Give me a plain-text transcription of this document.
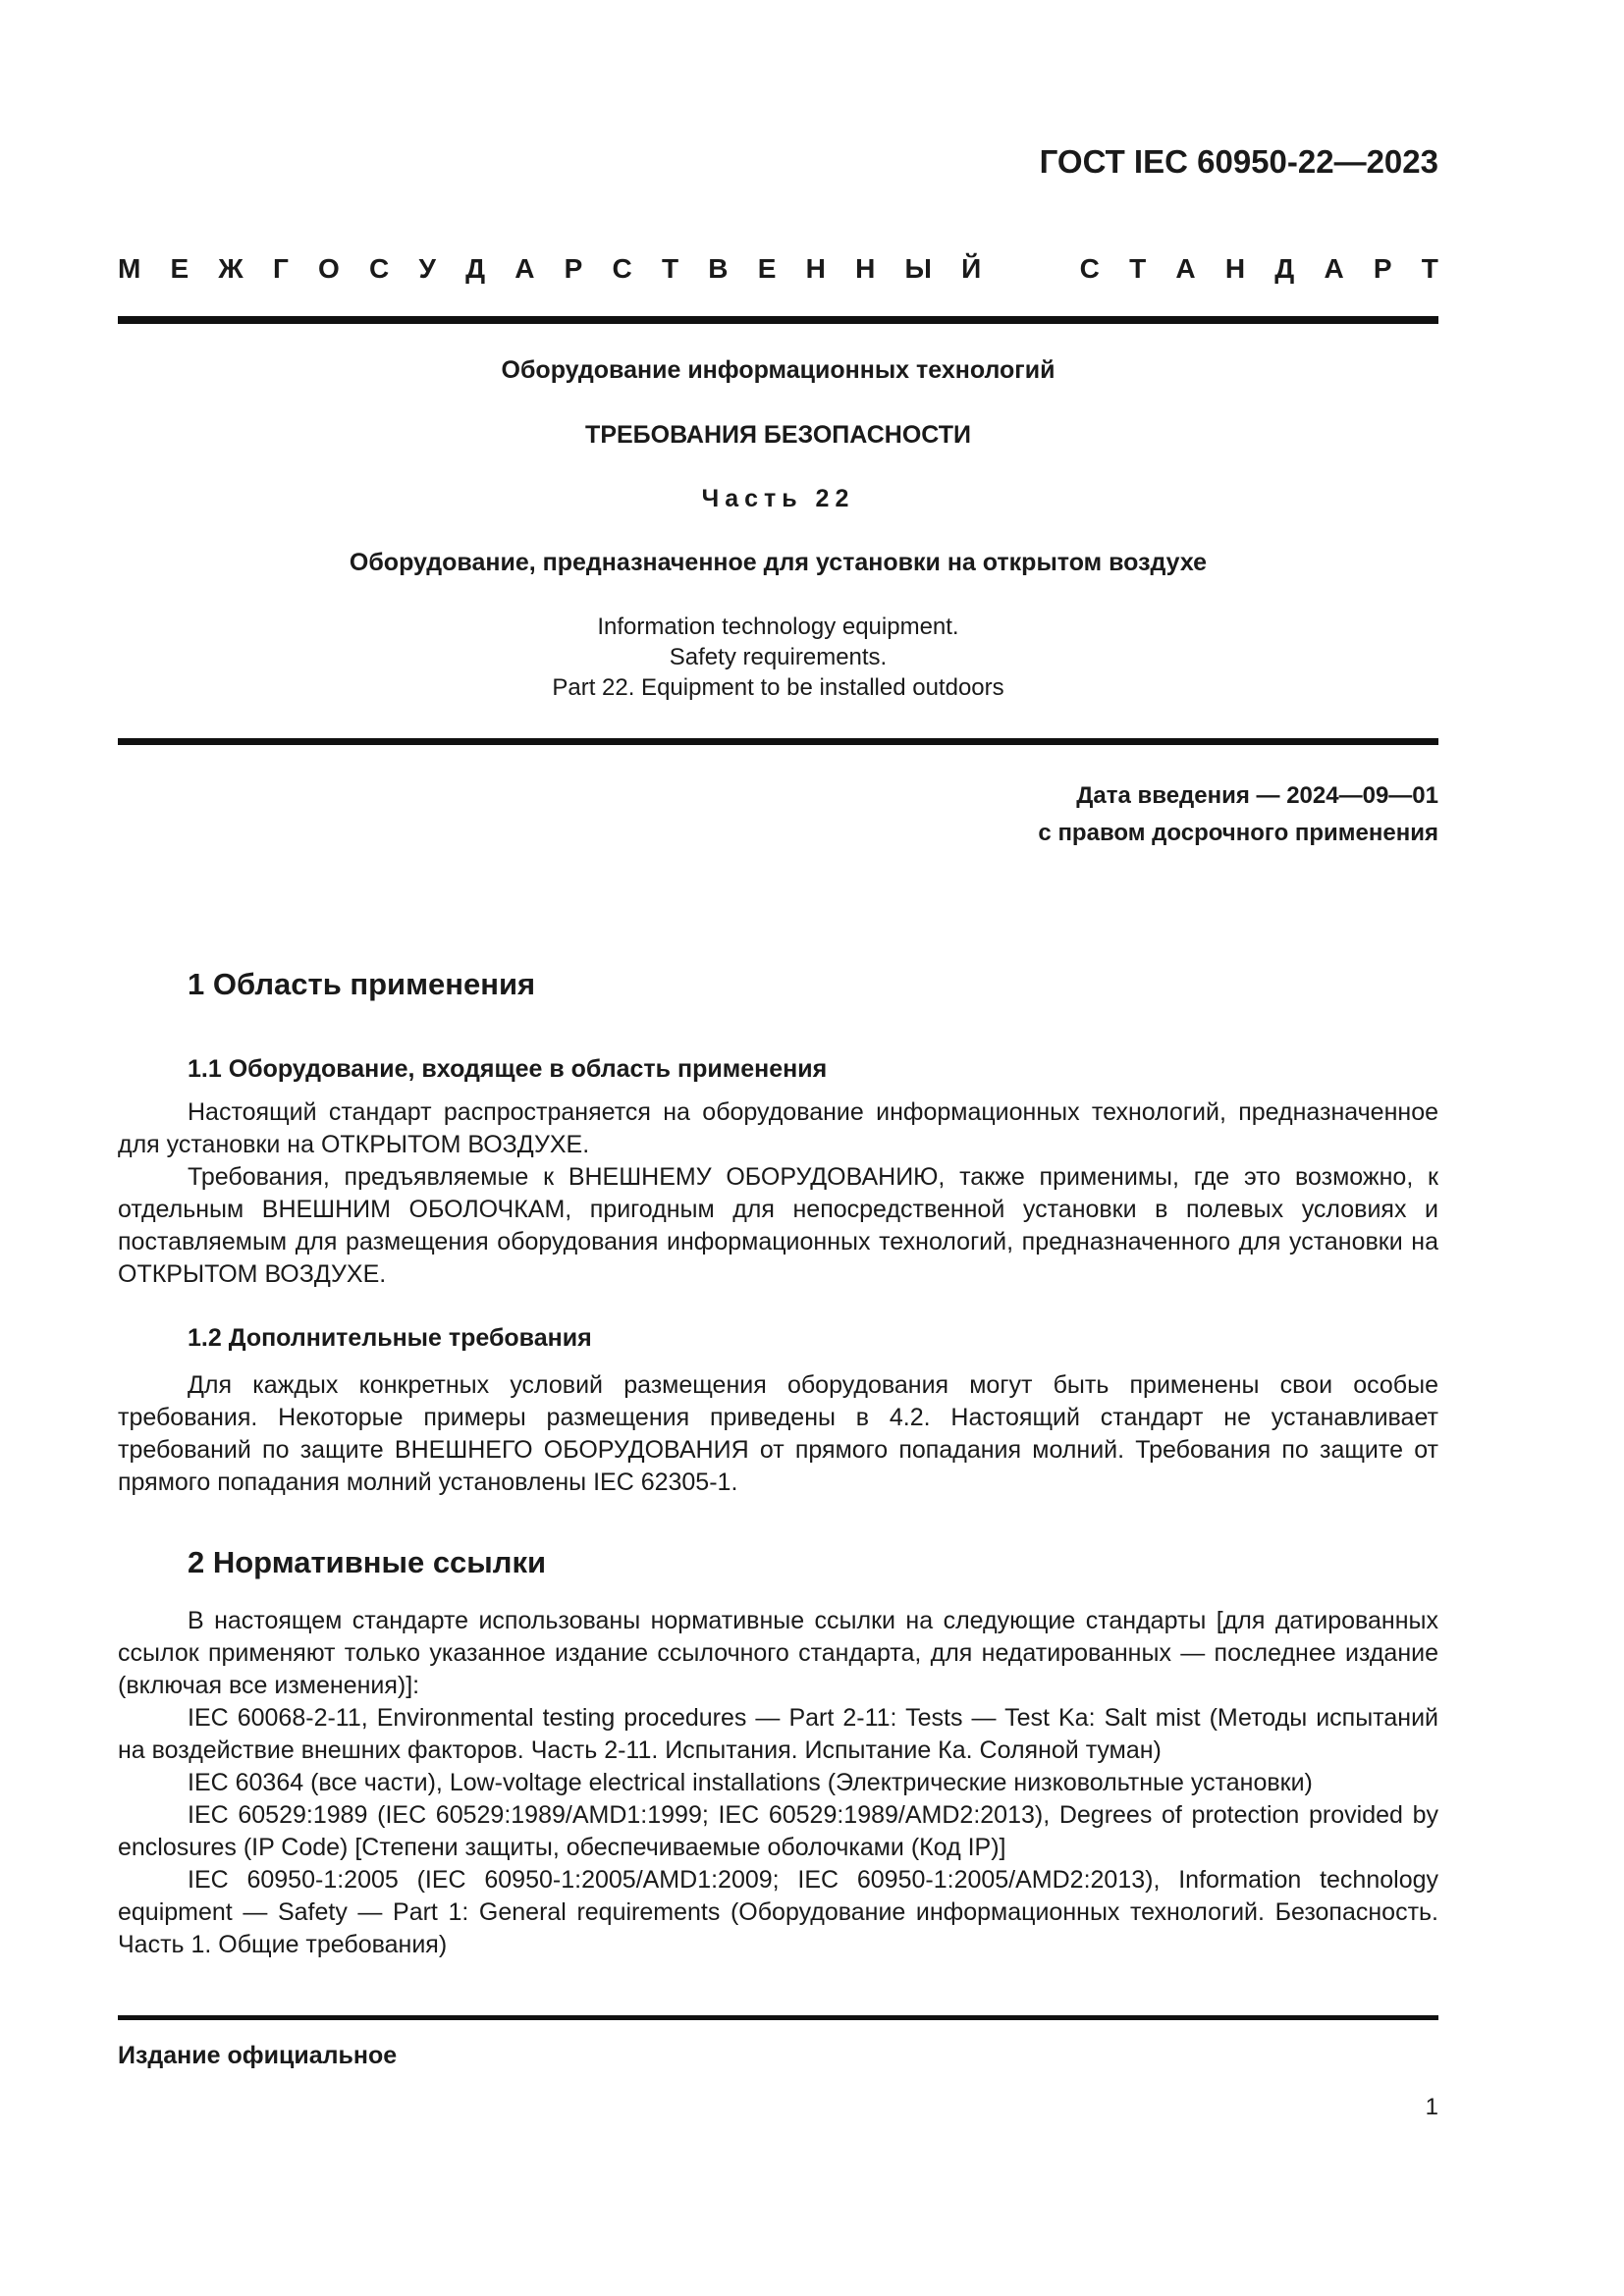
ГОСТ IEC 60950-22—2023
М Е Ж Г О С У Д А Р С Т В Е Н Н Ы Й	С Т А Н Д А Р Т
Оборудование информационных технологий
ТРЕБОВАНИЯ БЕЗОПАСНОСТИ
Часть 22
Оборудование, предназначенное для установки на открытом воздухе
Information technology equipment.
Safety requirements.
Part 22. Equipment to be installed outdoors
Дата введения — 2024—09—01
с правом досрочного применения
1 Область применения
1.1 Оборудование, входящее в область применения

Настоящий стандарт распространяется на оборудование информационных технологий, предназначенное для установки на ОТКРЫТОМ ВОЗДУХЕ.

Требования, предъявляемые к ВНЕШНЕМУ ОБОРУДОВАНИЮ, также применимы, где это возможно, к отдельным ВНЕШНИМ ОБОЛОЧКАМ, пригодным для непосредственной установки в полевых условиях и поставляемым для размещения оборудования информационных технологий, предназначенного для установки на ОТКРЫТОМ ВОЗДУХЕ.

1.2 Дополнительные требования

Для каждых конкретных условий размещения оборудования могут быть применены свои особые требования. Некоторые примеры размещения приведены в 4.2. Настоящий стандарт не устанавливает требований по защите ВНЕШНЕГО ОБОРУДОВАНИЯ от прямого попадания молний. Требования по защите от прямого попадания молний установлены IEC 62305-1.

2 Нормативные ссылки

В настоящем стандарте использованы нормативные ссылки на следующие стандарты [для датированных ссылок применяют только указанное издание ссылочного стандарта, для недатированных — последнее издание (включая все изменения)]:

IEC 60068-2-11, Environmental testing procedures — Part 2-11: Tests — Test Ka: Salt mist (Методы испытаний на воздействие внешних факторов. Часть 2-11. Испытания. Испытание Ка. Соляной туман)

IEC 60364 (все части), Low-voltage electrical installations (Электрические низковольтные установки)

IEC 60529:1989 (IEC 60529:1989/AMD1:1999; IEC 60529:1989/AMD2:2013), Degrees of protection provided by enclosures (IP Code) [Степени защиты, обеспечиваемые оболочками (Код IP)]

IEC 60950-1:2005 (IEC 60950-1:2005/AMD1:2009; IEC 60950-1:2005/AMD2:2013), Information technology equipment — Safety — Part 1: General requirements (Оборудование информационных технологий. Безопасность. Часть 1. Общие требования)

Издание официальное
1
